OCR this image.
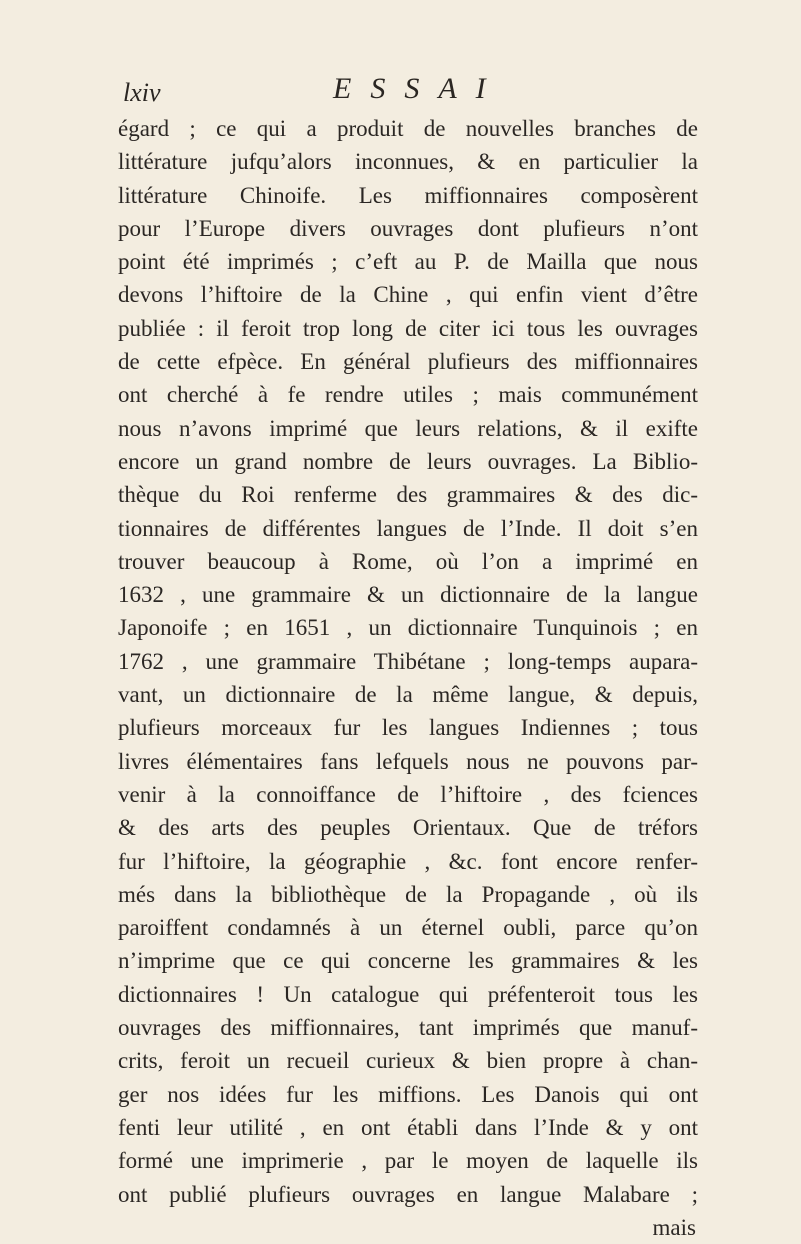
lxiv	ESSAI
égard ; ce qui a produit de nouvelles branches de
littérature jufqu’alors inconnues, & en particulier la
littérature Chinoife. Les miffionnaires composèrent
pour l’Europe divers ouvrages dont plufieurs n’ont
point été imprimés ; c’eft au P. de Mailla que nous
devons l’hiftoire de la Chine , qui enfin vient d’être
publiée : il feroit trop long de citer ici tous les ouvrages
de cette efpèce. En général plufieurs des miffionnaires
ont cherché à fe rendre utiles ; mais communément
nous n’avons imprimé que leurs relations, & il exifte
encore un grand nombre de leurs ouvrages. La Biblio-
thèque du Roi renferme des grammaires & des dic-
tionnaires de différentes langues de l’Inde. Il doit s’en
trouver beaucoup à Rome, où l’on a imprimé en
1632 , une grammaire & un dictionnaire de la langue
Japonoife ; en 1651 , un dictionnaire Tunquinois ; en
1762 , une grammaire Thibétane ; long-temps aupara-
vant, un dictionnaire de la même langue, & depuis,
plufieurs morceaux fur les langues Indiennes ; tous
livres élémentaires fans lefquels nous ne pouvons par-
venir à la connoiffance de l’hiftoire , des fciences
& des arts des peuples Orientaux. Que de tréfors
fur l’hiftoire, la géographie , &c. font encore renfer-
més dans la bibliothèque de la Propagande , où ils
paroiffent condamnés à un éternel oubli, parce qu’on
n’imprime que ce qui concerne les grammaires & les
dictionnaires ! Un catalogue qui préfenteroit tous les
ouvrages des miffionnaires, tant imprimés que manuf-
crits, feroit un recueil curieux & bien propre à chan-
ger nos idées fur les miffions. Les Danois qui ont
fenti leur utilité , en ont établi dans l’Inde & y ont
formé une imprimerie , par le moyen de laquelle ils
ont publié plufieurs ouvrages en langue Malabare ;
mais
